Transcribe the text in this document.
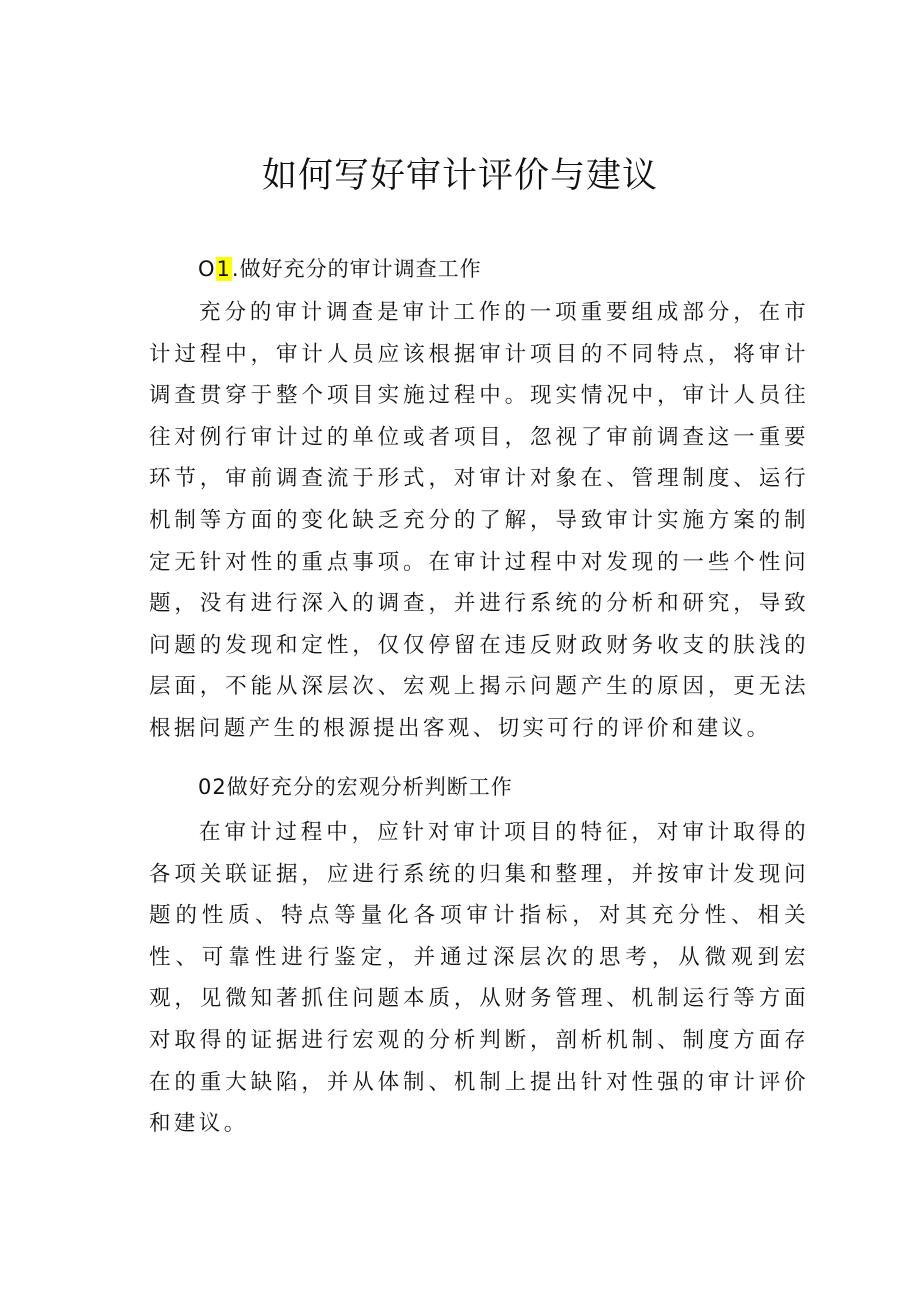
如何写好审计评价与建议

O1.做好充分的审计调查工作

充分的审计调查是审计工作的一项重要组成部分，在市计过程中，审计人员应该根据审计项目的不同特点，将审计调查贯穿于整个项目实施过程中。现实情况中，审计人员往往对例行审计过的单位或者项目，忽视了审前调查这一重要环节，审前调查流于形式，对审计对象在、管理制度、运行机制等方面的变化缺乏充分的了解，导致审计实施方案的制定无针对性的重点事项。在审计过程中对发现的一些个性问题，没有进行深入的调查，并进行系统的分析和研究，导致问题的发现和定性，仅仅停留在违反财政财务收支的肤浅的层面，不能从深层次、宏观上揭示问题产生的原因，更无法根据问题产生的根源提出客观、切实可行的评价和建议。

02做好充分的宏观分析判断工作

在审计过程中，应针对审计项目的特征，对审计取得的各项关联证据，应进行系统的归集和整理，并按审计发现问题的性质、特点等量化各项审计指标，对其充分性、相关性、可靠性进行鉴定，并通过深层次的思考，从微观到宏观，见微知著抓住问题本质，从财务管理、机制运行等方面对取得的证据进行宏观的分析判断，剖析机制、制度方面存在的重大缺陷，并从体制、机制上提出针对性强的审计评价和建议。
